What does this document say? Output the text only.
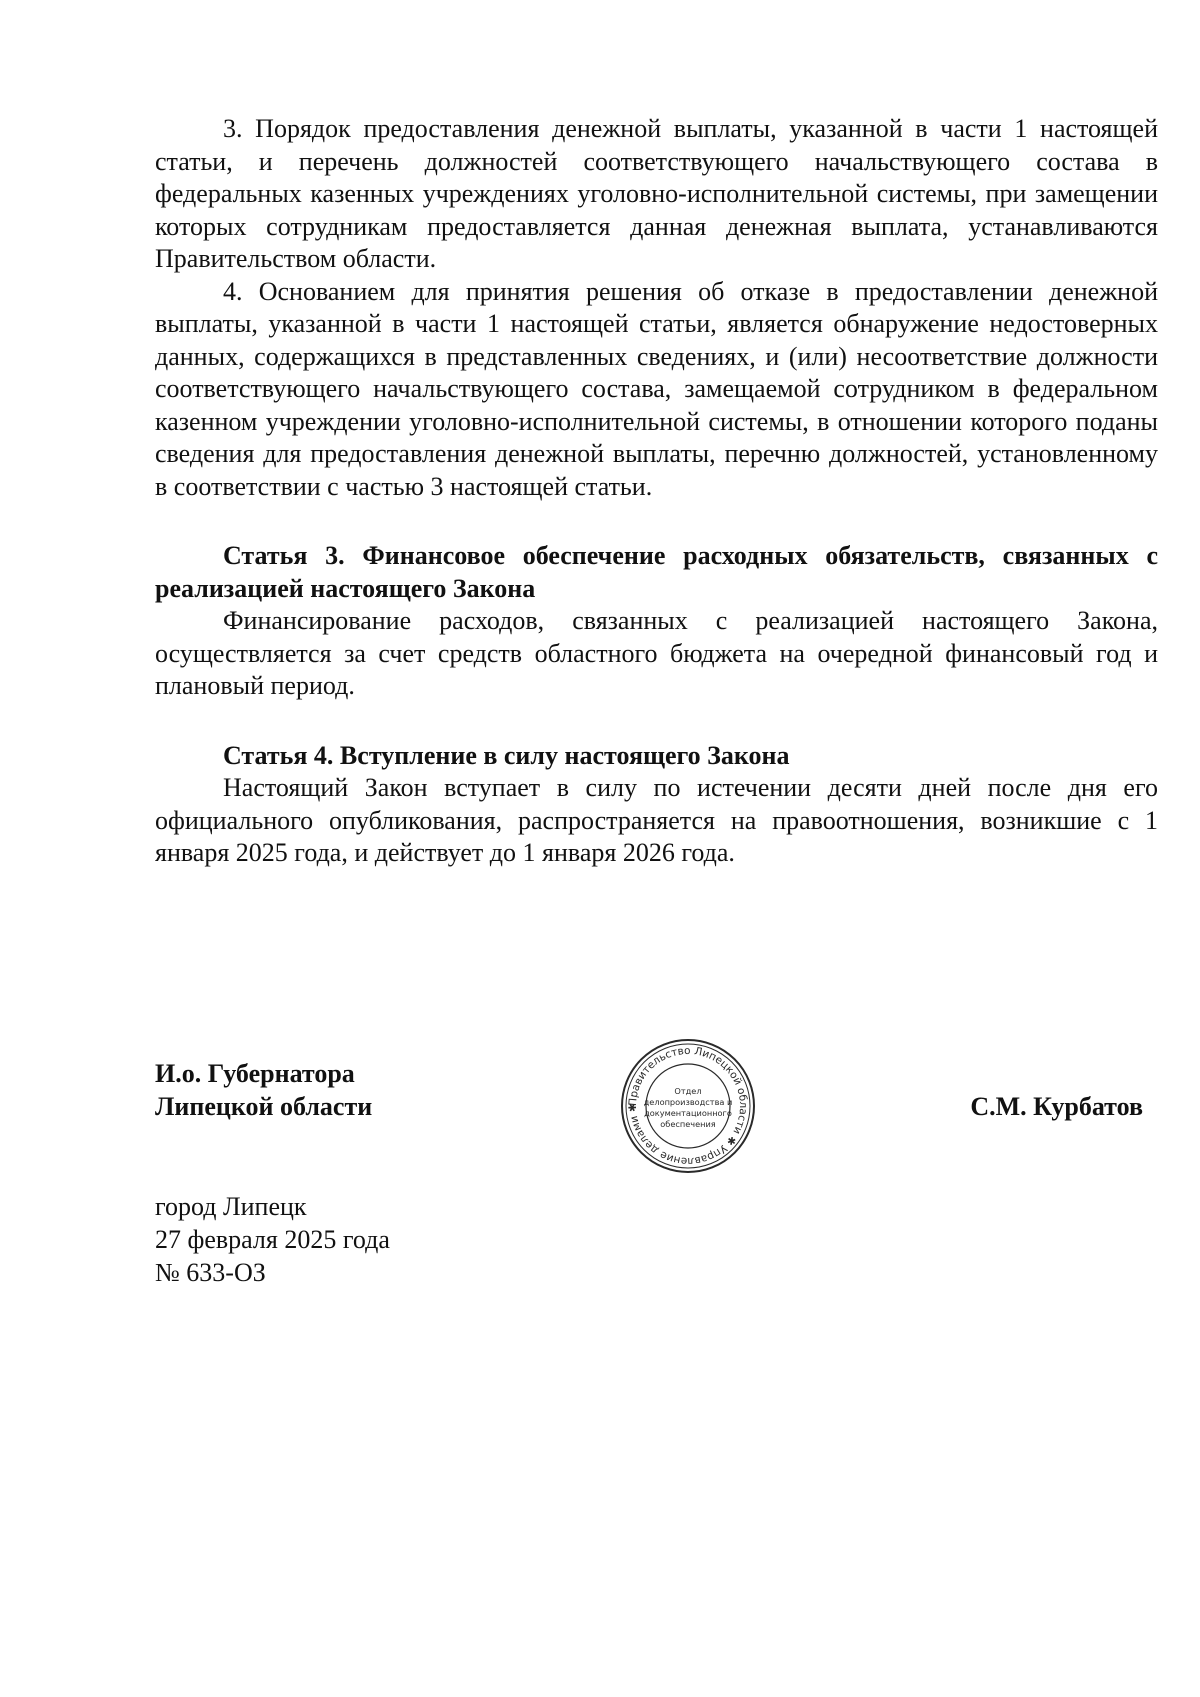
3. Порядок предоставления денежной выплаты, указанной в части 1 настоящей статьи, и перечень должностей соответствующего начальствующего состава в федеральных казенных учреждениях уголовно-исполнительной системы, при замещении которых сотрудникам предоставляется данная денежная выплата, устанавливаются Правительством области.

4. Основанием для принятия решения об отказе в предоставлении денежной выплаты, указанной в части 1 настоящей статьи, является обнаружение недостоверных данных, содержащихся в представленных сведениях, и (или) несоответствие должности соответствующего начальствующего состава, замещаемой сотрудником в федеральном казенном учреждении уголовно-исполнительной системы, в отношении которого поданы сведения для предоставления денежной выплаты, перечню должностей, установленному в соответствии с частью 3 настоящей статьи.

Статья 3. Финансовое обеспечение расходных обязательств, связанных с реализацией настоящего Закона

Финансирование расходов, связанных с реализацией настоящего Закона, осуществляется за счет средств областного бюджета на очередной финансовый год и плановый период.

Статья 4. Вступление в силу настоящего Закона

Настоящий Закон вступает в силу по истечении десяти дней после дня его официального опубликования, распространяется на правоотношения, возникшие с 1 января 2025 года, и действует до 1 января 2026 года.

И.о. Губернатора
Липецкой области	Правительство Липецкой области ✱ Управление делами ✱
Отдел
делопроизводства и
документационного
обеспечения
С.М. Курбатов
город Липецк
27 февраля 2025 года
№ 633-ОЗ
